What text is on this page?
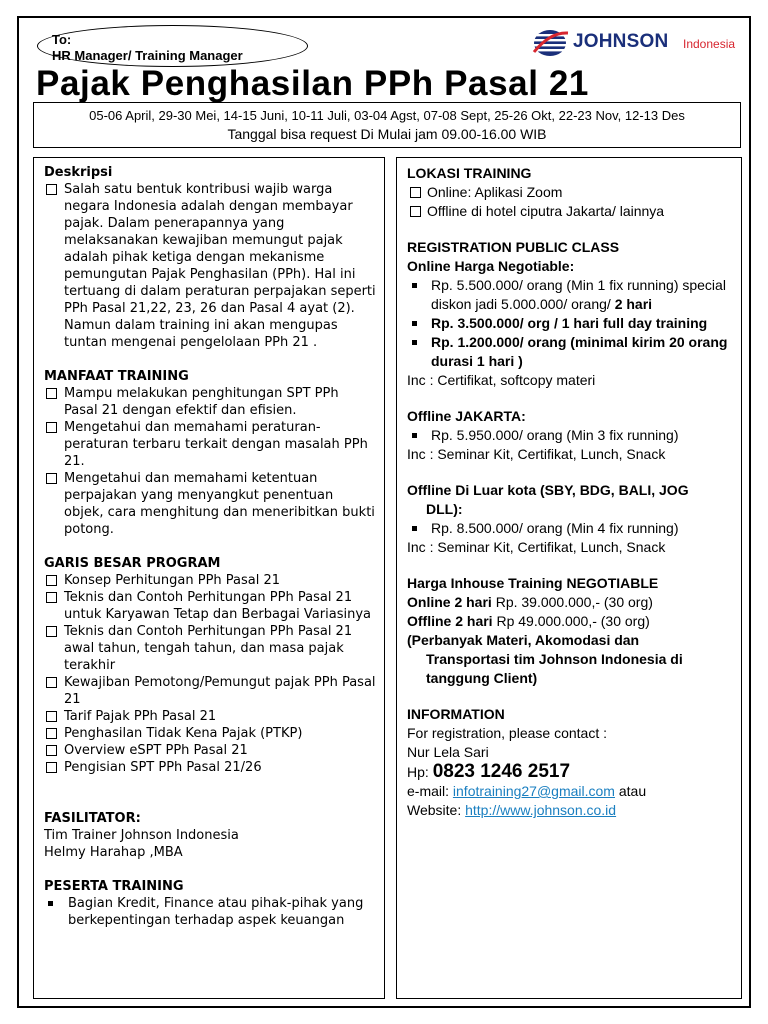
To:
HR Manager/ Training Manager
JOHNSON Indonesia
Pajak Penghasilan PPh Pasal 21
05-06 April, 29-30 Mei, 14-15 Juni, 10-11 Juli, 03-04 Agst, 07-08 Sept, 25-26 Okt, 22-23 Nov, 12-13 Des
Tanggal bisa request Di Mulai jam 09.00-16.00 WIB
Deskripsi
Salah satu bentuk kontribusi wajib warga negara Indonesia adalah dengan membayar pajak. Dalam penerapannya yang melaksanakan kewajiban memungut pajak adalah pihak ketiga dengan mekanisme pemungutan Pajak Penghasilan (PPh). Hal ini tertuang di dalam peraturan perpajakan seperti PPh Pasal 21,22, 23, 26 dan Pasal 4 ayat (2). Namun dalam training ini akan mengupas tuntan mengenai pengelolaan PPh 21 .
MANFAAT TRAINING
Mampu melakukan penghitungan SPT PPh Pasal 21 dengan efektif dan efisien.
Mengetahui dan memahami peraturan-peraturan terbaru terkait dengan masalah PPh 21.
Mengetahui dan memahami ketentuan perpajakan yang menyangkut penentuan objek, cara menghitung dan meneribitkan bukti potong.
GARIS BESAR PROGRAM
Konsep Perhitungan PPh Pasal 21
Teknis dan Contoh Perhitungan PPh Pasal 21 untuk Karyawan Tetap dan Berbagai Variasinya
Teknis dan Contoh Perhitungan PPh Pasal 21 awal tahun, tengah tahun, dan masa pajak terakhir
Kewajiban Pemotong/Pemungut pajak PPh Pasal 21
Tarif Pajak PPh Pasal 21
Penghasilan Tidak Kena Pajak (PTKP)
Overview eSPT PPh Pasal 21
Pengisian SPT PPh Pasal 21/26
FASILITATOR:
Tim Trainer Johnson Indonesia
Helmy Harahap ,MBA
PESERTA TRAINING
Bagian Kredit, Finance atau pihak-pihak yang berkepentingan terhadap aspek keuangan
LOKASI TRAINING
Online: Aplikasi Zoom
Offline di hotel ciputra Jakarta/ lainnya
REGISTRATION PUBLIC CLASS
Online Harga Negotiable:
Rp. 5.500.000/ orang (Min 1 fix running) special diskon jadi 5.000.000/ orang/ 2 hari
Rp. 3.500.000/ org / 1 hari full day training
Rp. 1.200.000/ orang (minimal kirim 20 orang durasi 1 hari )
Inc : Certifikat, softcopy materi
Offline JAKARTA:
Rp. 5.950.000/ orang (Min 3 fix running)
Inc : Seminar Kit, Certifikat, Lunch, Snack
Offline Di Luar kota (SBY, BDG, BALI, JOG
DLL):
Rp. 8.500.000/ orang (Min 4 fix running)
Inc : Seminar Kit, Certifikat, Lunch, Snack
Harga Inhouse Training NEGOTIABLE
Online 2 hari Rp. 39.000.000,- (30 org)
Offline 2 hari Rp 49.000.000,- (30 org)
(Perbanyak Materi, Akomodasi dan
Transportasi tim Johnson Indonesia di
tanggung Client)
INFORMATION
For registration, please contact :
Nur Lela Sari
Hp: 0823 1246 2517
e-mail: infotraining27@gmail.com atau
Website: http://www.johnson.co.id
